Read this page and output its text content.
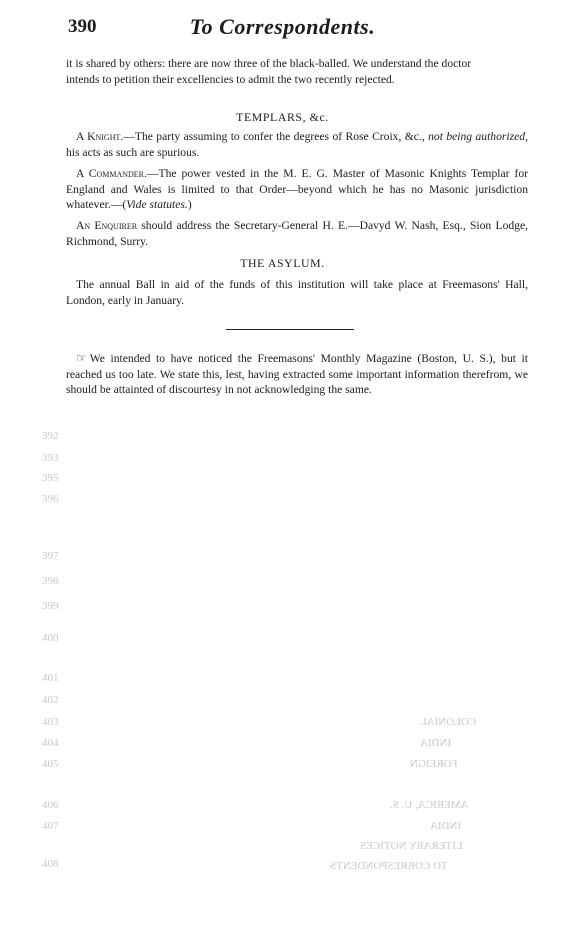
390	To Correspondents.
it is shared by others: there are now three of the black-balled. We understand the doctor
intends to petition their excellencies to admit the two recently rejected.
TEMPLARS, &c.
A Knight.—The party assuming to confer the degrees of Rose Croix, &c., not being authorized, his acts as such are spurious.
A Commander.—The power vested in the M. E. G. Master of Masonic Knights Templar for England and Wales is limited to that Order—beyond which he has no Masonic jurisdiction whatever.—(Vide statutes.)
An Enquirer should address the Secretary-General H. E.—Davyd W. Nash, Esq., Sion Lodge, Richmond, Surry.
THE ASYLUM.
The annual Ball in aid of the funds of this institution will take place at Freemasons' Hall, London, early in January.
☞ We intended to have noticed the Freemasons' Monthly Magazine (Boston, U. S.), but it reached us too late. We state this, lest, having extracted some important information therefrom, we should be attainted of discourtesy in not acknowledging the same.
392
393
395
396
397
398
399
400
401
402
403
404
405
406
407
408
COLONIAL
INDIA
FOREIGN
AMERICA, U. S.
INDIA
LITERARY NOTICES
TO CORRESPONDENTS
